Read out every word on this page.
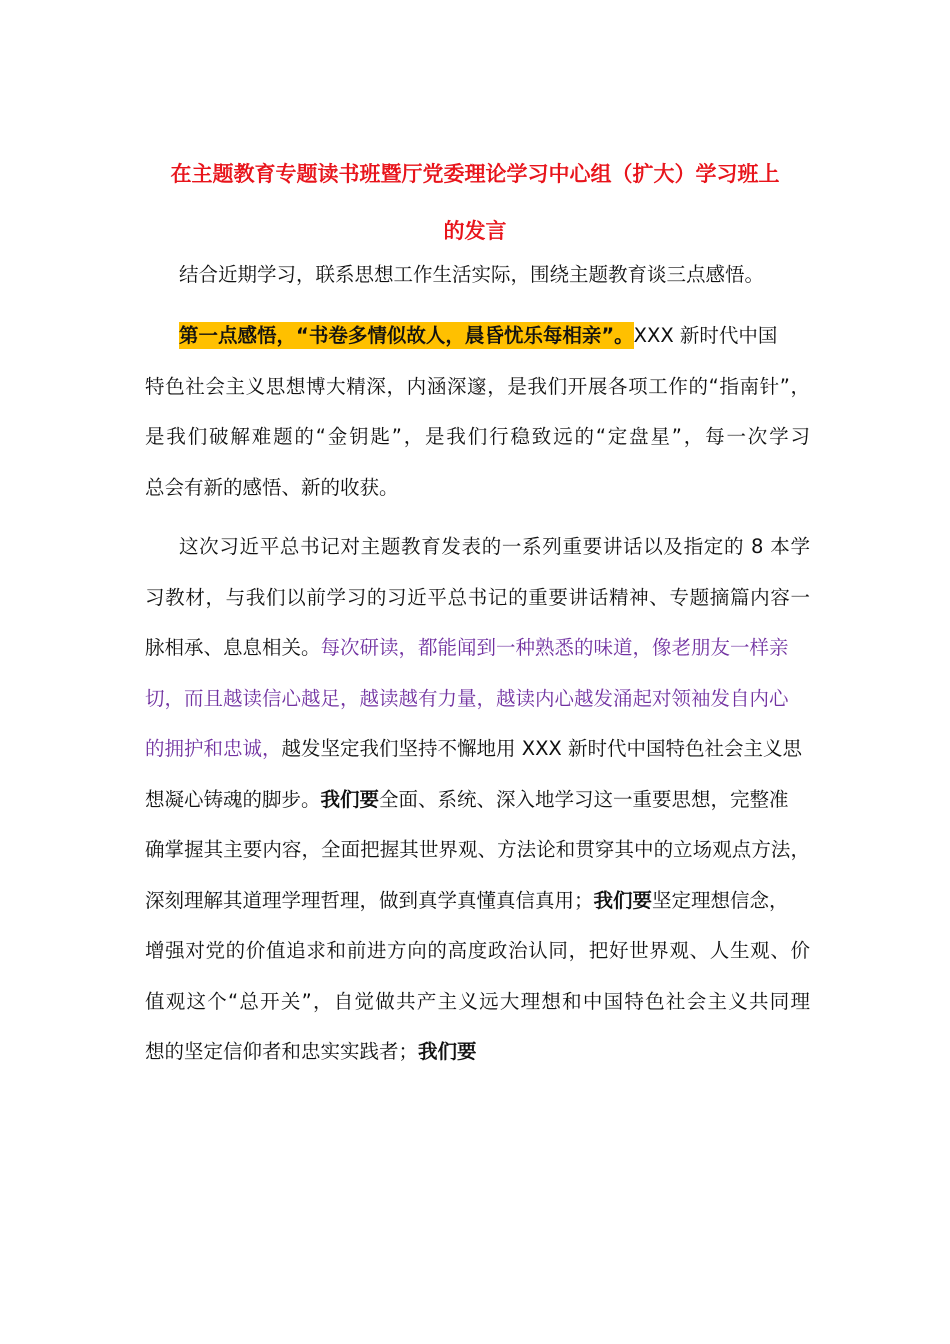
在主题教育专题读书班暨厅党委理论学习中心组（扩大）学习班上
的发言
结合近期学习，联系思想工作生活实际，围绕主题教育谈三点感悟。
第一点感悟，“书卷多情似故人，晨昏忧乐每相亲”。XXX 新时代中国
特色社会主义思想博大精深，内涵深邃，是我们开展各项工作的“指南针”，
是我们破解难题的“金钥匙”，是我们行稳致远的“定盘星”，每一次学习
总会有新的感悟、新的收获。
这次习近平总书记对主题教育发表的一系列重要讲话以及指定的 8 本学
习教材，与我们以前学习的习近平总书记的重要讲话精神、专题摘篇内容一
脉相承、息息相关。每次研读，都能闻到一种熟悉的味道，像老朋友一样亲
切，而且越读信心越足，越读越有力量，越读内心越发涌起对领袖发自内心
的拥护和忠诚，越发坚定我们坚持不懈地用 XXX 新时代中国特色社会主义思
想凝心铸魂的脚步。我们要全面、系统、深入地学习这一重要思想，完整准
确掌握其主要内容，全面把握其世界观、方法论和贯穿其中的立场观点方法，
深刻理解其道理学理哲理，做到真学真懂真信真用；我们要坚定理想信念，
增强对党的价值追求和前进方向的高度政治认同，把好世界观、人生观、价
值观这个“总开关”，自觉做共产主义远大理想和中国特色社会主义共同理
想的坚定信仰者和忠实实践者；我们要
